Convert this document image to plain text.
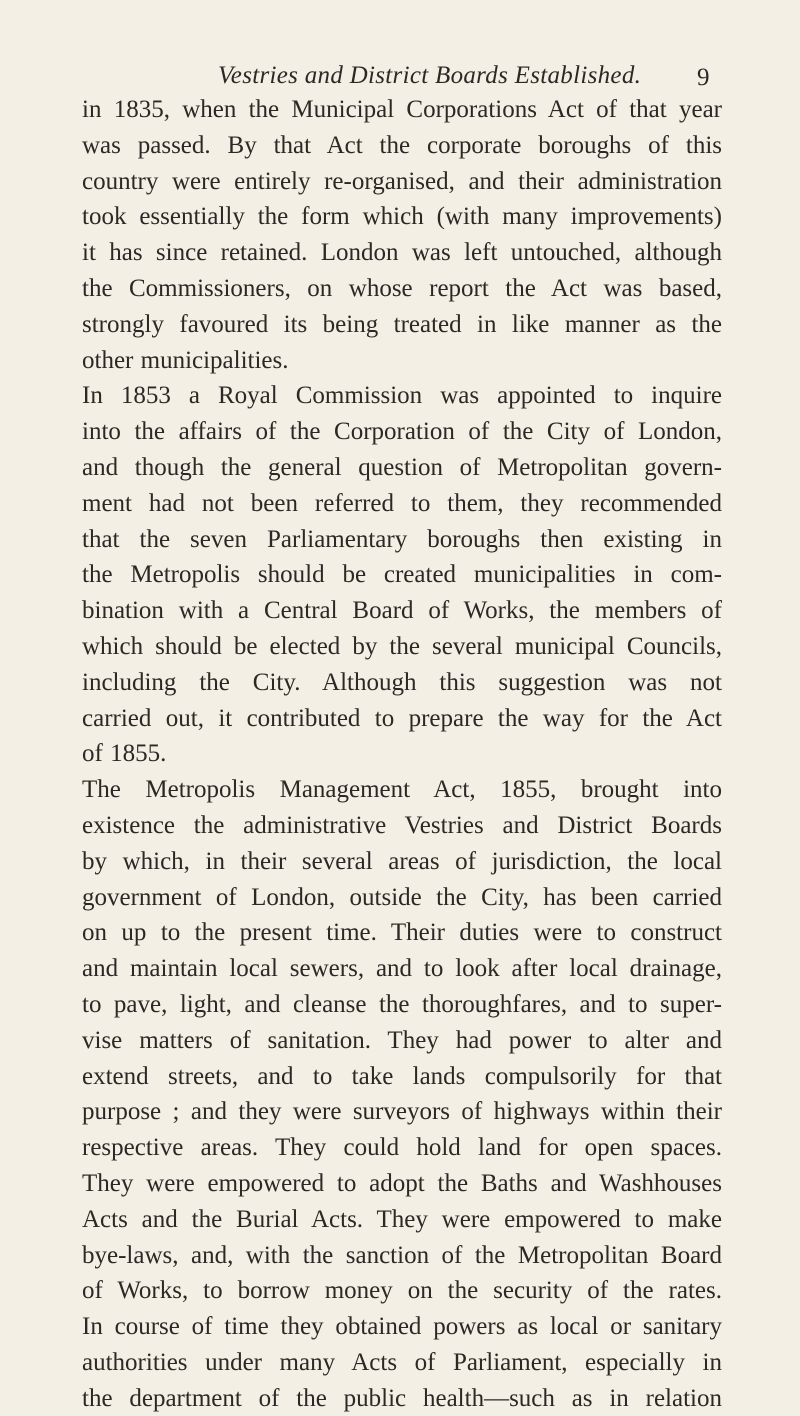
Vestries and District Boards Established. 9
in 1835, when the Municipal Corporations Act of that year
was passed. By that Act the corporate boroughs of this
country were entirely re-organised, and their administration
took essentially the form which (with many improvements)
it has since retained. London was left untouched, although
the Commissioners, on whose report the Act was based,
strongly favoured its being treated in like manner as the
other municipalities.
In 1853 a Royal Commission was appointed to inquire
into the affairs of the Corporation of the City of London,
and though the general question of Metropolitan govern-
ment had not been referred to them, they recommended
that the seven Parliamentary boroughs then existing in
the Metropolis should be created municipalities in com-
bination with a Central Board of Works, the members of
which should be elected by the several municipal Councils,
including the City. Although this suggestion was not
carried out, it contributed to prepare the way for the Act
of 1855.
The Metropolis Management Act, 1855, brought into
existence the administrative Vestries and District Boards
by which, in their several areas of jurisdiction, the local
government of London, outside the City, has been carried
on up to the present time. Their duties were to construct
and maintain local sewers, and to look after local drainage,
to pave, light, and cleanse the thoroughfares, and to super-
vise matters of sanitation. They had power to alter and
extend streets, and to take lands compulsorily for that
purpose ; and they were surveyors of highways within their
respective areas. They could hold land for open spaces.
They were empowered to adopt the Baths and Washhouses
Acts and the Burial Acts. They were empowered to make
bye-laws, and, with the sanction of the Metropolitan Board
of Works, to borrow money on the security of the rates.
In course of time they obtained powers as local or sanitary
authorities under many Acts of Parliament, especially in
the department of the public health—such as in relation
